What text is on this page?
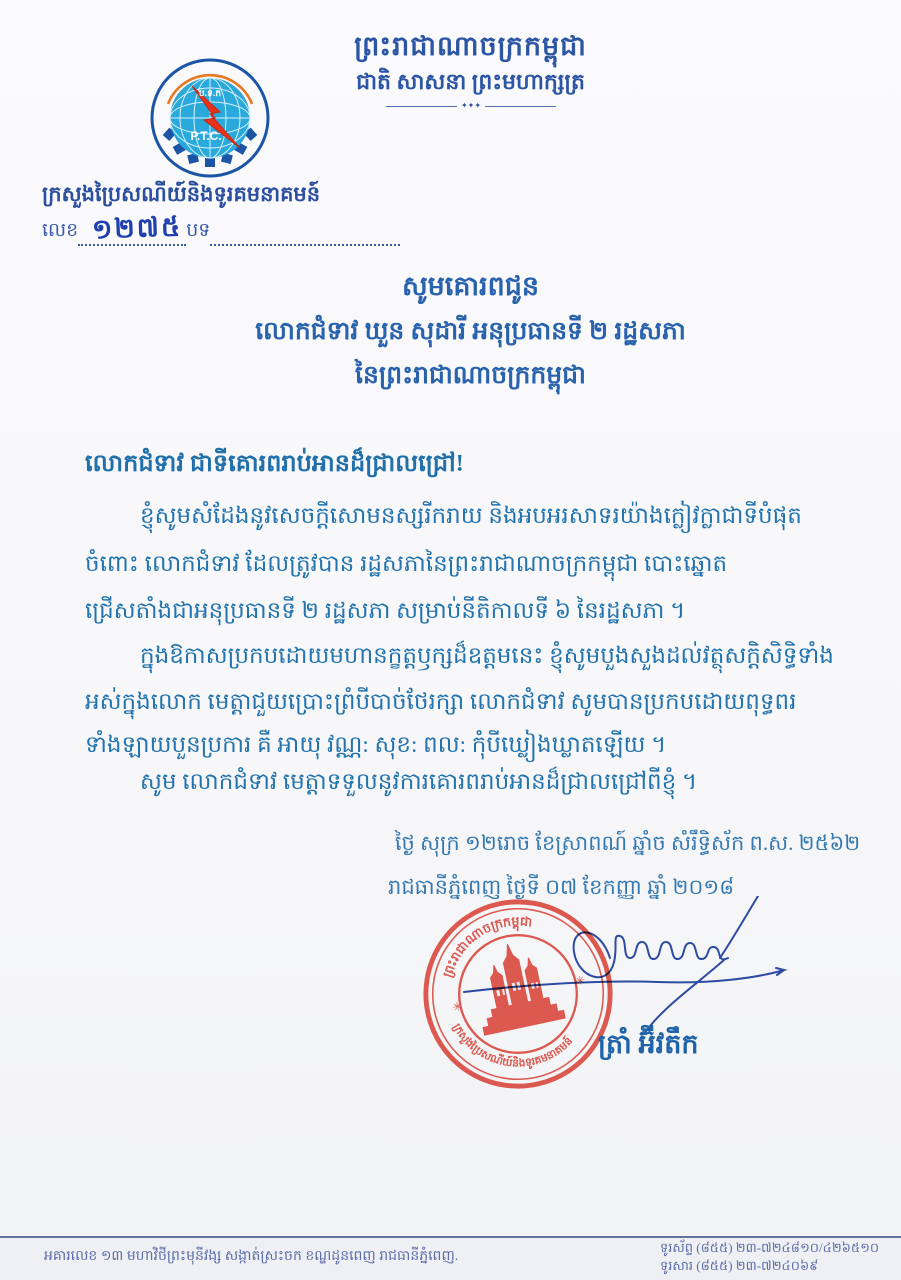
ព្រះរាជាណាចក្រកម្ពុជា
ជាតិ សាសនា ព្រះមហាក្សត្រ
✦✦✦
ប.ទ.ក
P.T.C.
ក្រសួងប្រៃសណីយ៍និងទូរគមនាគមន៍
លេខ	បទ
១២៧៥
សូមគោរពជូន
លោកជំទាវ ឃួន សុដារី អនុប្រធានទី ២ រដ្ឋសភា
នៃព្រះរាជាណាចក្រកម្ពុជា
លោកជំទាវ ជាទីគោរពរាប់អានដ៏ជ្រាលជ្រៅ!
ខ្ញុំសូមសំដែងនូវសេចក្តីសោមនស្សរីករាយ និងអបអរសាទរយ៉ាងក្លៀវក្លាជាទីបំផុត
ចំពោះ លោកជំទាវ ដែលត្រូវបាន រដ្ឋសភានៃព្រះរាជាណាចក្រកម្ពុជា បោះឆ្នោត
ជ្រើសតាំងជាអនុប្រធានទី ២ រដ្ឋសភា សម្រាប់នីតិកាលទី ៦ នៃរដ្ឋសភា ។
ក្នុងឱកាសប្រកបដោយមហានក្ខត្តឫក្សដ៏ឧត្តមនេះ ខ្ញុំសូមបួងសួងដល់វត្ថុសក្តិសិទ្ធិទាំង
អស់ក្នុងលោក មេត្តាជួយប្រោះព្រំបីបាច់ថែរក្សា លោកជំទាវ សូមបានប្រកបដោយពុទ្ធពរ
ទាំងឡាយបួនប្រការ គឺ អាយុ វណ្ណ: សុខ: ពល: កុំបីឃ្លៀងឃ្លាតឡើយ ។
សូម លោកជំទាវ មេត្តាទទួលនូវការគោរពរាប់អានដ៏ជ្រាលជ្រៅពីខ្ញុំ ។
ថ្ងៃ សុក្រ ១២រោច ខែស្រាពណ៍ ឆ្នាំច សំរឹទ្ធិស័ក ព.ស. ២៥៦២
រាជធានីភ្នំពេញ ថ្ងៃទី ០៧ ខែកញ្ញា ឆ្នាំ ២០១៨
ព្រះរាជាណាចក្រកម្ពុជា
ក្រសួងប្រៃសណីយ៍និងទូរគមនាគមន៍
✳
✳
ត្រាំ អ៊ីវតឹក
អគារលេខ ១៣ មហាវិថីព្រះមុនីវង្ស សង្កាត់ស្រះចក ខណ្ឌដូនពេញ រាជធានីភ្នំពេញ.
ទូរស័ព្ទ (៨៥៥) ២៣-៧២៤៨១០/៤២៦៥១០
ទូរសារ (៨៥៥) ២៣-៧២៤០៦៩
